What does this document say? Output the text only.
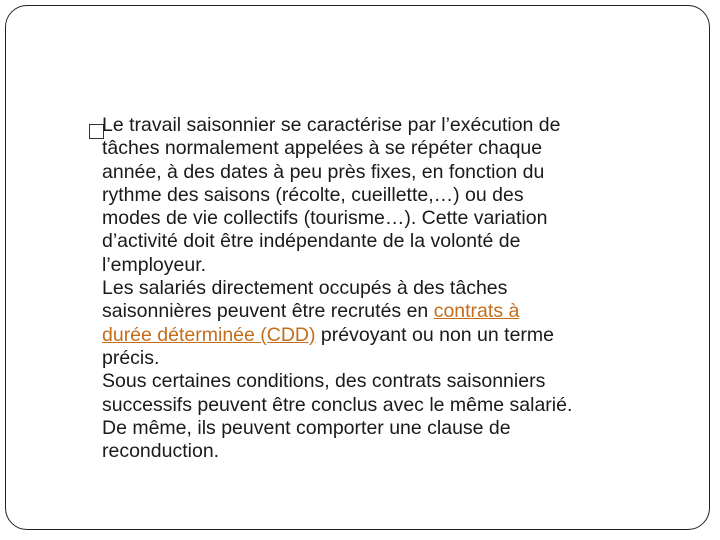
Le travail saisonnier se caractérise par l’exécution de
tâches normalement appelées à se répéter chaque
année, à des dates à peu près fixes, en fonction du
rythme des saisons (récolte, cueillette,…) ou des
modes de vie collectifs (tourisme…). Cette variation
d’activité doit être indépendante de la volonté de
l’employeur.
Les salariés directement occupés à des tâches
saisonnières peuvent être recrutés en contrats à
durée déterminée (CDD) prévoyant ou non un terme
précis.
Sous certaines conditions, des contrats saisonniers
successifs peuvent être conclus avec le même salarié.
De même, ils peuvent comporter une clause de
reconduction.
